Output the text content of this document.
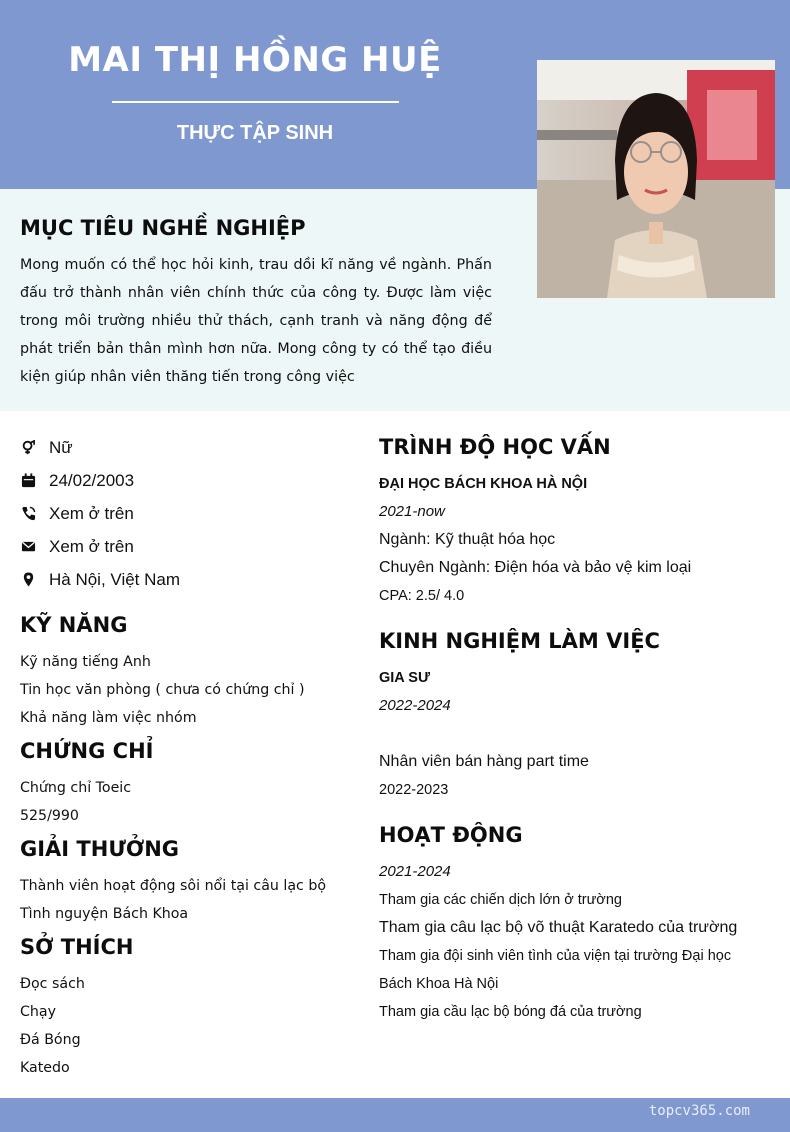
MAI THỊ HỒNG HUỆ
THỰC TẬP SINH
MỤC TIÊU NGHỀ NGHIỆP
Mong muốn có thể học hỏi kinh, trau dồi kĩ năng về ngành. Phấn đấu trở thành nhân viên chính thức của công ty. Được làm việc trong môi trường nhiều thử thách, cạnh tranh và năng động để phát triển bản thân mình hơn nữa. Mong công ty có thể tạo điều kiện giúp nhân viên thăng tiến trong công việc
Nữ
24/02/2003
Xem ở trên
Xem ở trên
Hà Nội, Việt Nam
KỸ NĂNG
Kỹ năng tiếng Anh
Tin học văn phòng ( chưa có chứng chỉ )
Khả năng làm việc nhóm
CHỨNG CHỈ
Chứng chỉ Toeic
525/990
GIẢI THƯỞNG
Thành viên hoạt động sôi nổi tại câu lạc bộ
Tình nguyện Bách Khoa
SỞ THÍCH
Đọc sách
Chạy
Đá Bóng
Katedo
TRÌNH ĐỘ HỌC VẤN
ĐẠI HỌC BÁCH KHOA HÀ NỘI
2021-now
Ngành: Kỹ thuật hóa học
Chuyên Ngành: Điện hóa và bảo vệ kim loại
CPA: 2.5/ 4.0
KINH NGHIỆM LÀM VIỆC
GIA SƯ
2022-2024
Nhân viên bán hàng part time
2022-2023
HOẠT ĐỘNG
2021-2024
Tham gia các chiến dịch lớn ở trường
Tham gia câu lạc bộ võ thuật Karatedo của trường
Tham gia đội sinh viên tình của viện tại trường Đại học
Bách Khoa Hà Nội
Tham gia cầu lạc bộ bóng đá của trường
topcv365.com
